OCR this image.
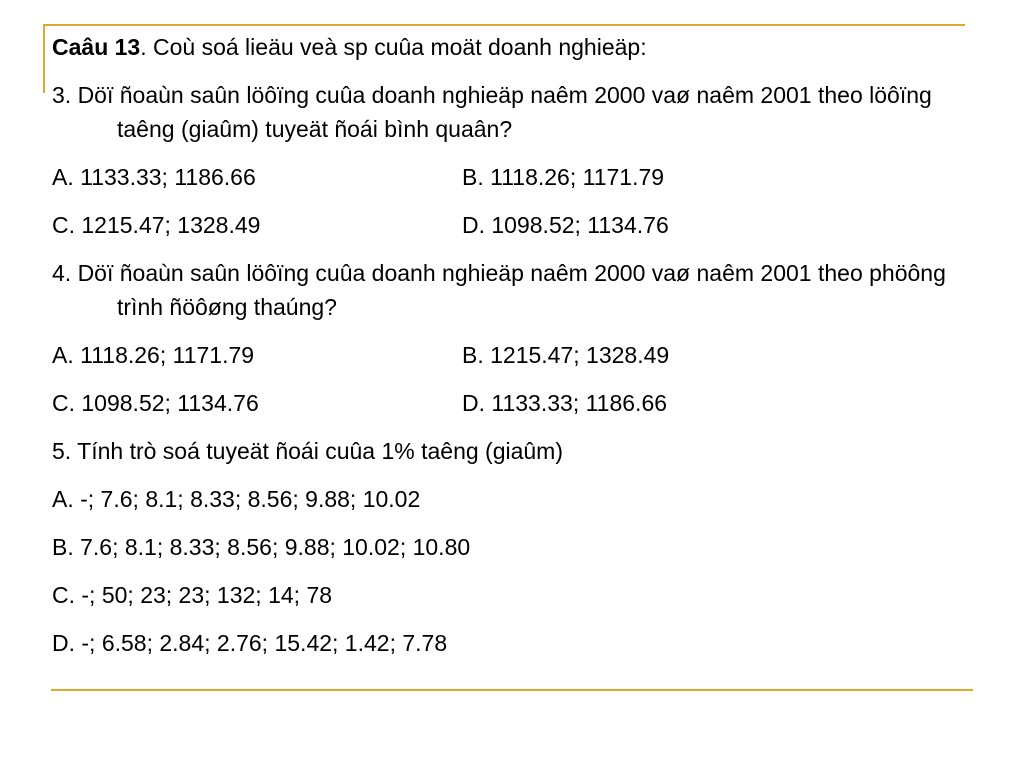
Caâu 13. Coù soá lieäu veà sp cuûa moät doanh nghieäp:
3. Döï ñoaùn saûn löôïng cuûa doanh nghieäp naêm 2000 vaø naêm 2001 theo löôïng taêng (giaûm) tuyeät ñoái bình quaân?
A. 1133.33; 1186.66	B. 1118.26; 1171.79
C. 1215.47; 1328.49	D. 1098.52; 1134.76
4. Döï ñoaùn saûn löôïng cuûa doanh nghieäp naêm 2000 vaø naêm 2001 theo phöông trình ñöôøng thaúng?
A. 1118.26; 1171.79	B. 1215.47; 1328.49
C. 1098.52; 1134.76	D. 1133.33; 1186.66
5. Tính trò soá tuyeät ñoái cuûa 1% taêng (giaûm)
A. -; 7.6; 8.1; 8.33; 8.56; 9.88; 10.02
B. 7.6; 8.1; 8.33; 8.56; 9.88; 10.02; 10.80
C. -; 50; 23; 23; 132; 14; 78
D. -; 6.58; 2.84; 2.76; 15.42; 1.42; 7.78
